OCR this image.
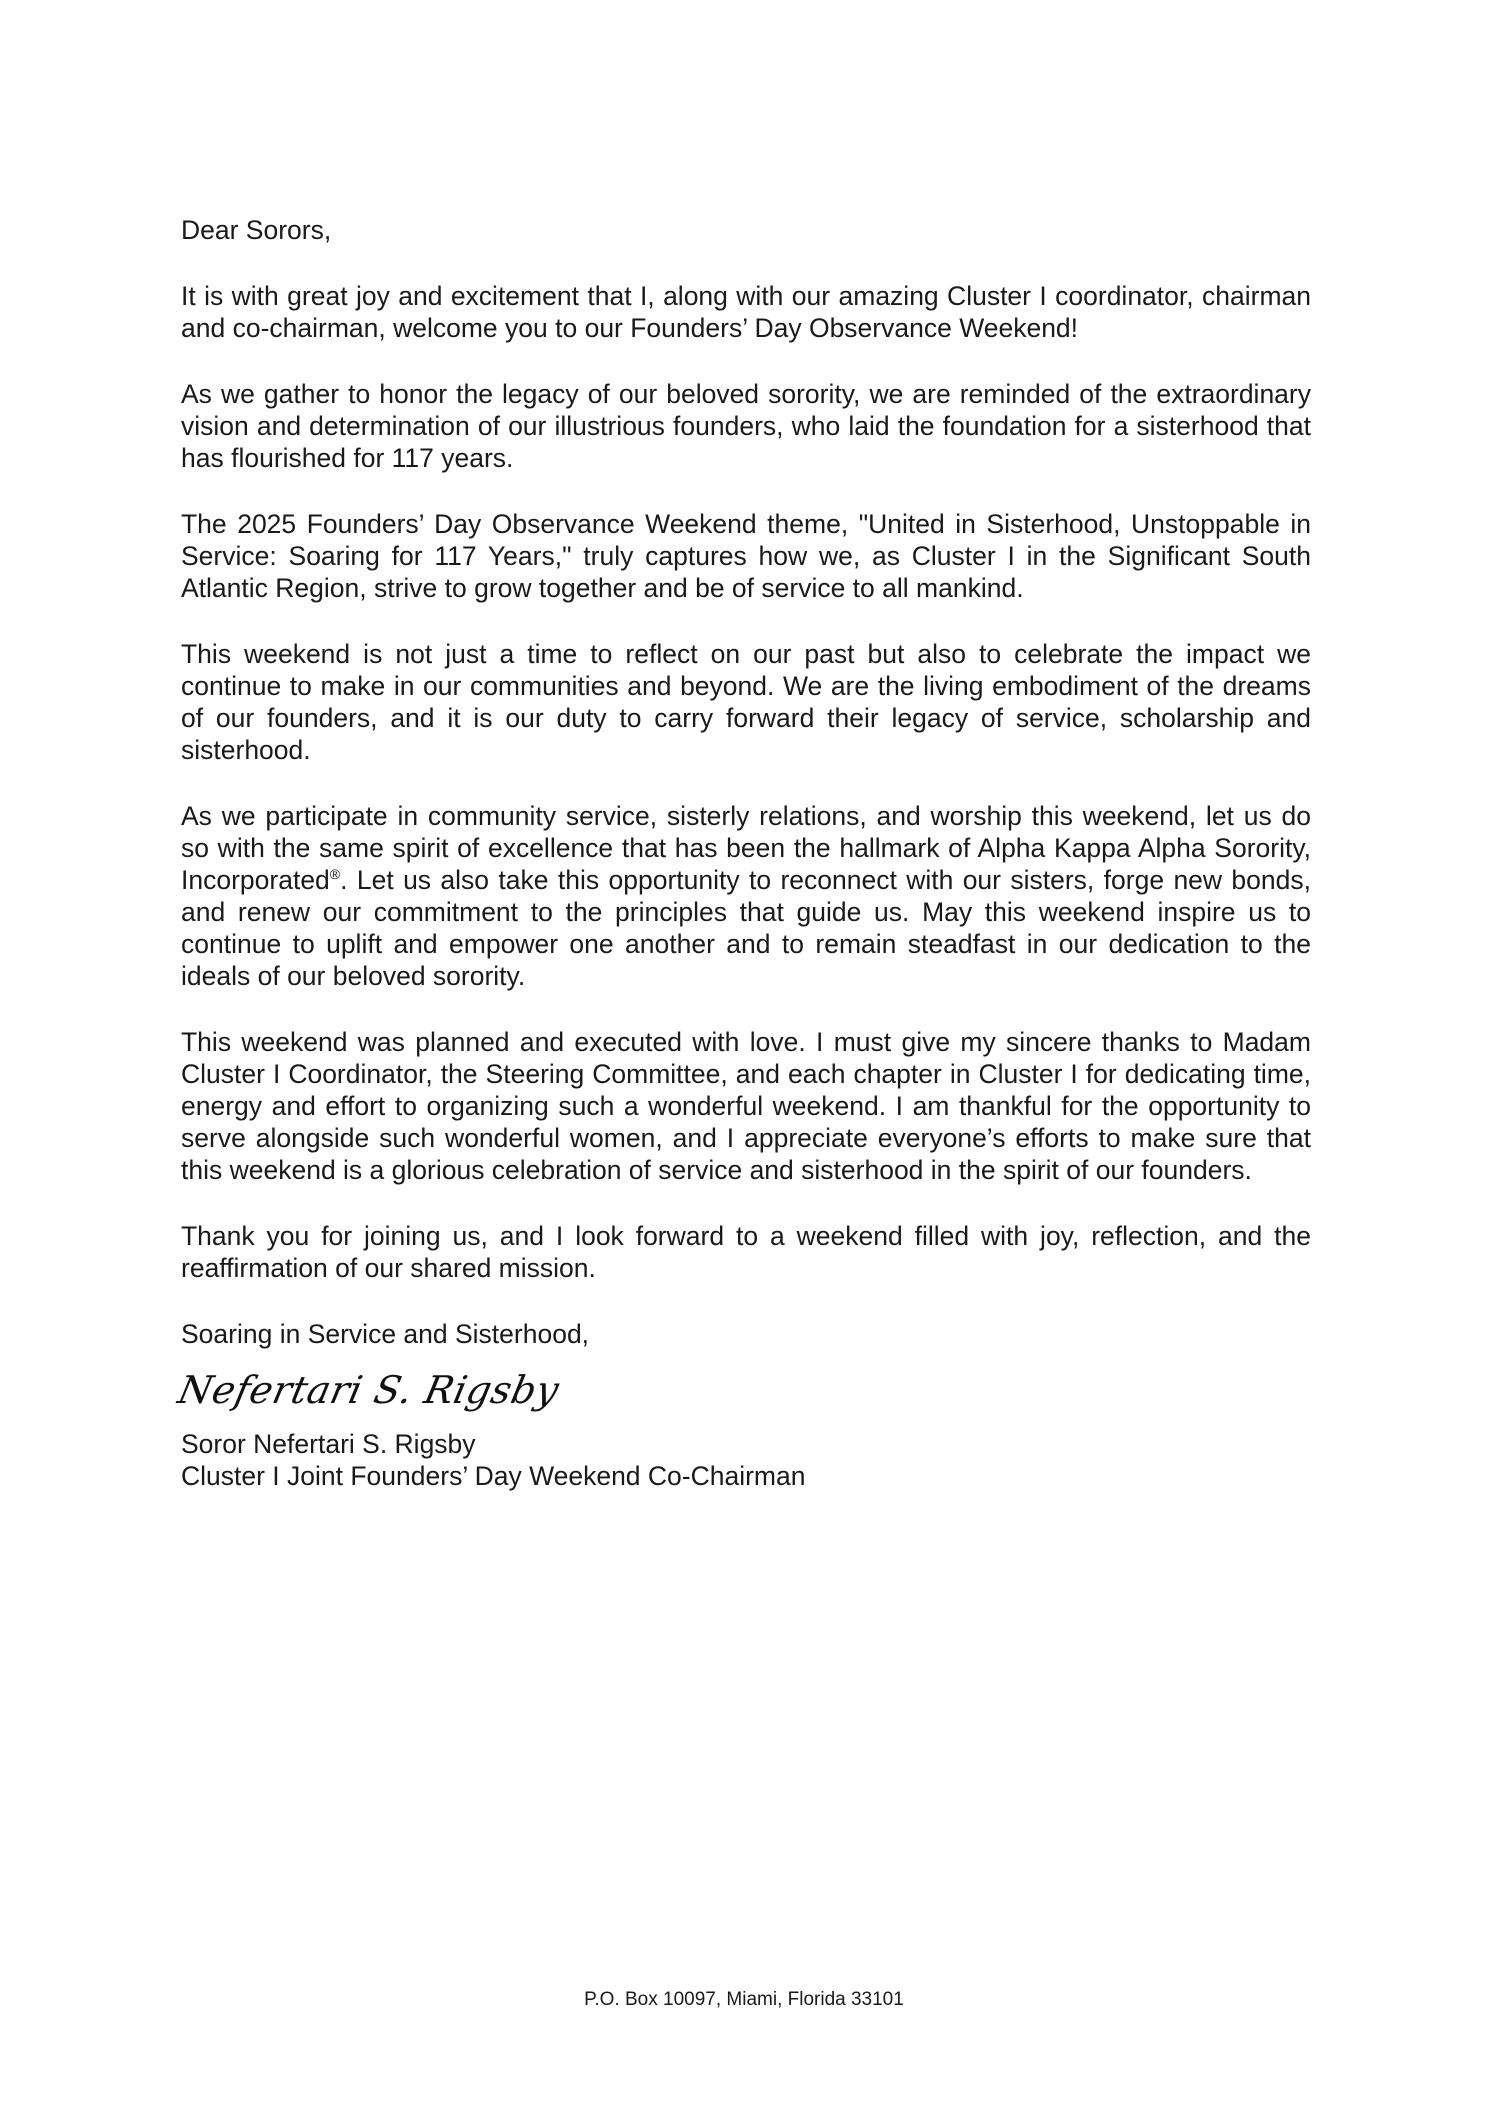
Dear Sorors,

It is with great joy and excitement that I, along with our amazing Cluster I coordinator, chairman and co-chairman, welcome you to our Founders’ Day Observance Weekend!

As we gather to honor the legacy of our beloved sorority, we are reminded of the extraordinary vision and determination of our illustrious founders, who laid the foundation for a sisterhood that has flourished for 117 years.

The 2025 Founders’ Day Observance Weekend theme, "United in Sisterhood, Unstoppable in Service: Soaring for 117 Years," truly captures how we, as Cluster I in the Significant South Atlantic Region, strive to grow together and be of service to all mankind.

This weekend is not just a time to reflect on our past but also to celebrate the impact we continue to make in our communities and beyond. We are the living embodiment of the dreams of our founders, and it is our duty to carry forward their legacy of service, scholarship and sisterhood.

As we participate in community service, sisterly relations, and worship this weekend, let us do so with the same spirit of excellence that has been the hallmark of Alpha Kappa Alpha Sorority, Incorporated®. Let us also take this opportunity to reconnect with our sisters, forge new bonds, and renew our commitment to the principles that guide us. May this weekend inspire us to continue to uplift and empower one another and to remain steadfast in our dedication to the ideals of our beloved sorority.

This weekend was planned and executed with love. I must give my sincere thanks to Madam Cluster I Coordinator, the Steering Committee, and each chapter in Cluster I for dedicating time, energy and effort to organizing such a wonderful weekend. I am thankful for the opportunity to serve alongside such wonderful women, and I appreciate everyone’s efforts to make sure that this weekend is a glorious celebration of service and sisterhood in the spirit of our founders.

Thank you for joining us, and I look forward to a weekend filled with joy, reflection, and the reaffirmation of our shared mission.

Soaring in Service and Sisterhood,

Nefertari S. Rigsby

Soror Nefertari S. Rigsby

Cluster I Joint Founders’ Day Weekend Co-Chairman

P.O. Box 10097, Miami, Florida 33101
